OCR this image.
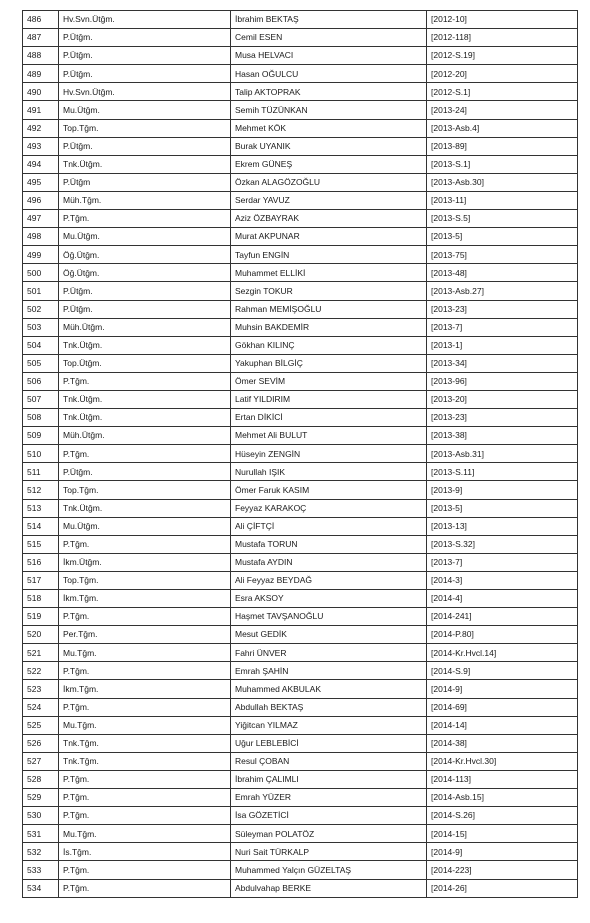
486	Hv.Svn.Ütğm.	İbrahim BEKTAŞ	[2012-10]
487	P.Ütğm.	Cemil ESEN	[2012-118]
488	P.Ütğm.	Musa HELVACI	[2012-S.19]
489	P.Ütğm.	Hasan OĞULCU	[2012-20]
490	Hv.Svn.Ütğm.	Talip AKTOPRAK	[2012-S.1]
491	Mu.Ütğm.	Semih TÜZÜNKAN	[2013-24]
492	Top.Tğm.	Mehmet KÖK	[2013-Asb.4]
493	P.Ütğm.	Burak UYANIK	[2013-89]
494	Tnk.Ütğm.	Ekrem GÜNEŞ	[2013-S.1]
495	P.Ütğm	Özkan ALAGÖZOĞLU	[2013-Asb.30]
496	Müh.Tğm.	Serdar YAVUZ	[2013-11]
497	P.Tğm.	Aziz ÖZBAYRAK	[2013-S.5]
498	Mu.Ütğm.	Murat AKPUNAR	[2013-5]
499	Öğ.Ütğm.	Tayfun ENGİN	[2013-75]
500	Öğ.Ütğm.	Muhammet ELLİKİ	[2013-48]
501	P.Ütğm.	Sezgin TOKUR	[2013-Asb.27]
502	P.Ütğm.	Rahman MEMİŞOĞLU	[2013-23]
503	Müh.Ütğm.	Muhsin BAKDEMİR	[2013-7]
504	Tnk.Ütğm.	Gökhan KILINÇ	[2013-1]
505	Top.Ütğm.	Yakuphan BİLGİÇ	[2013-34]
506	P.Tğm.	Ömer SEVİM	[2013-96]
507	Tnk.Ütğm.	Latif YILDIRIM	[2013-20]
508	Tnk.Ütğm.	Ertan DİKİCİ	[2013-23]
509	Müh.Ütğm.	Mehmet Ali BULUT	[2013-38]
510	P.Tğm.	Hüseyin ZENGİN	[2013-Asb.31]
511	P.Ütğm.	Nurullah IŞIK	[2013-S.11]
512	Top.Tğm.	Ömer Faruk KASIM	[2013-9]
513	Tnk.Ütğm.	Feyyaz KARAKOÇ	[2013-5]
514	Mu.Ütğm.	Ali ÇİFTÇİ	[2013-13]
515	P.Tğm.	Mustafa TORUN	[2013-S.32]
516	İkm.Ütğm.	Mustafa AYDIN	[2013-7]
517	Top.Tğm.	Ali Feyyaz BEYDAĞ	[2014-3]
518	İkm.Tğm.	Esra AKSOY	[2014-4]
519	P.Tğm.	Haşmet TAVŞANOĞLU	[2014-241]
520	Per.Tğm.	Mesut GEDİK	[2014-P.80]
521	Mu.Tğm.	Fahri ÜNVER	[2014-Kr.Hvcl.14]
522	P.Tğm.	Emrah ŞAHİN	[2014-S.9]
523	İkm.Tğm.	Muhammed AKBULAK	[2014-9]
524	P.Tğm.	Abdullah BEKTAŞ	[2014-69]
525	Mu.Tğm.	Yiğitcan YILMAZ	[2014-14]
526	Tnk.Tğm.	Uğur LEBLEBİCİ	[2014-38]
527	Tnk.Tğm.	Resul ÇOBAN	[2014-Kr.Hvcl.30]
528	P.Tğm.	İbrahim ÇALIMLI	[2014-113]
529	P.Tğm.	Emrah YÜZER	[2014-Asb.15]
530	P.Tğm.	İsa GÖZETİCİ	[2014-S.26]
531	Mu.Tğm.	Süleyman POLATÖZ	[2014-15]
532	İs.Tğm.	Nuri Sait TÜRKALP	[2014-9]
533	P.Tğm.	Muhammed Yalçın GÜZELTAŞ	[2014-223]
534	P.Tğm.	Abdulvahap BERKE	[2014-26]
